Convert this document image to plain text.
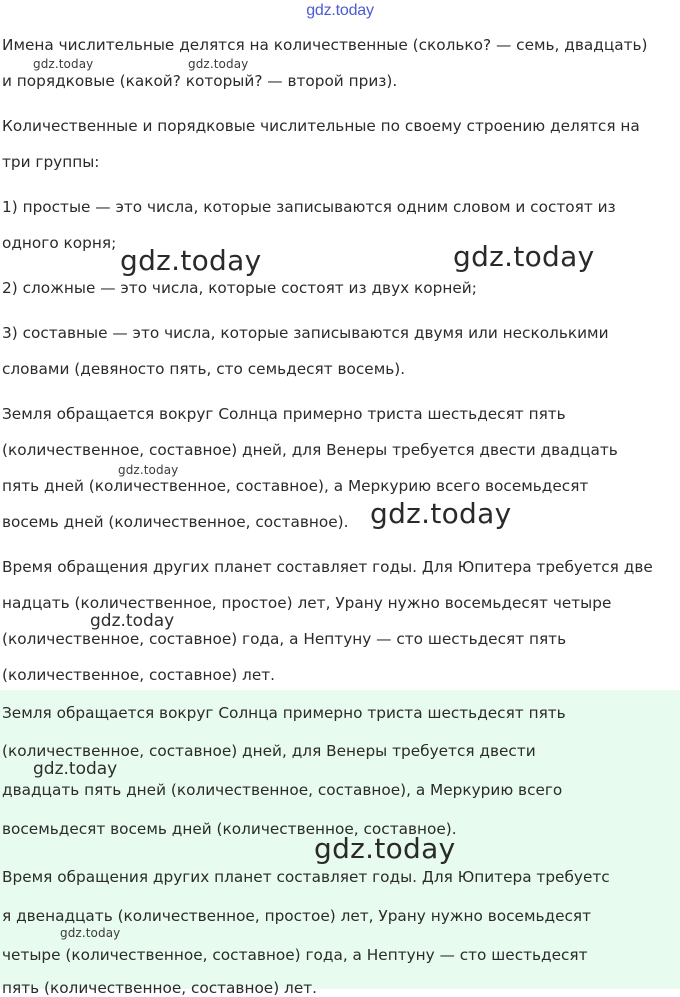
gdz.today
Имена числительные делятся на количественные (сколько? — семь, двадцать)
и порядковые (какой? который? — второй приз).
Количественные и порядковые числительные по своему строению делятся на
три группы:
1) простые — это числа, которые записываются одним словом и состоят из
одного корня;
2) сложные — это числа, которые состоят из двух корней;
3) составные — это числа, которые записываются двумя или несколькими
словами (девяносто пять, сто семьдесят восемь).
Земля обращается вокруг Солнца примерно триста шестьдесят пять
(количественное, составное) дней, для Венеры требуется двести двадцать
пять дней (количественное, составное), а Меркурию всего восемьдесят
восемь дней (количественное, составное).
Время обращения других планет составляет годы. Для Юпитера требуется две
надцать (количественное, простое) лет, Урану нужно восемьдесят четыре
(количественное, составное) года, а Нептуну — сто шестьдесят пять
(количественное, составное) лет.
Земля обращается вокруг Солнца примерно триста шестьдесят пять
(количественное, составное) дней, для Венеры требуется двести
двадцать пять дней (количественное, составное), а Меркурию всего
восемьдесят восемь дней (количественное, составное).
Время обращения других планет составляет годы. Для Юпитера требуетс
я двенадцать (количественное, простое) лет, Урану нужно восемьдесят
четыре (количественное, составное) года, а Нептуну — сто шестьдесят
пять (количественное, составное) лет.
gdz.today	gdz.today
gdz.today	gdz.today
gdz.today
gdz.today
gdz.today
gdz.today
gdz.today
gdz.today
